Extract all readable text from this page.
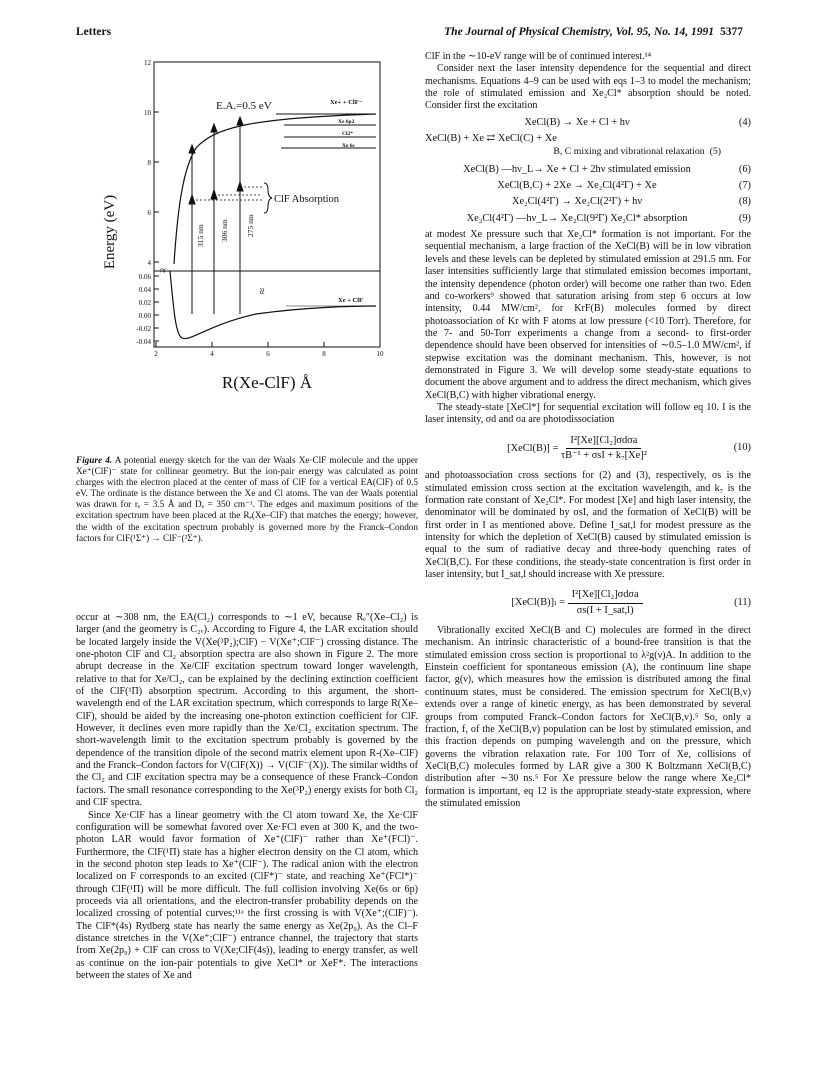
Letters	The Journal of Physical Chemistry, Vol. 95, No. 14, 1991 5377
12
10
8
6
4
0.06
0.04
0.02
0.00
-0.02
-0.04
2	4	6	8	10
≈
≈
E.A.=0.5 eV	Xe+ + ClF−
Xe 6p2
Cl2*
Xe 6s
315 nm 306 nm 275 nm
ClF Absorption
Xe + ClF
Energy (eV)
R(Xe-ClF) Å
Figure 4. A potential energy sketch for the van der Waals Xe·ClF molecule and the upper Xe⁺(ClF)⁻ state for collinear geometry. But the ion-pair energy was calculated as point charges with the electron placed at the center of mass of ClF for a vertical EA(ClF) of 0.5 eV. The ordinate is the distance between the Xe and Cl atoms. The van der Waals potential was drawn for rₑ = 3.5 Å and Dₑ = 350 cm⁻¹. The edges and maximum positions of the excitation spectrum have been placed at the Rₑ(Xe–ClF) that matches the energy; however, the width of the excitation spectrum probably is governed more by the Franck–Condon factors for ClF(¹Σ⁺) → ClF⁻(²Σ⁺).

occur at ∼308 nm, the EA(Cl₂) corresponds to ∼1 eV, because Rₑ″(Xe–Cl₂) is larger (and the geometry is C₂ᵥ). According to Figure 4, the LAR excitation should be located largely inside the V(Xe(³P₂);ClF) − V(Xe⁺;ClF⁻) crossing distance. The one-photon ClF and Cl₂ absorption spectra are also shown in Figure 2. The more abrupt decrease in the Xe/ClF excitation spectrum toward longer wavelength, relative to that for Xe/Cl₂, can be explained by the declining extinction coefficient of the ClF(¹Π) absorption spectrum. According to this argument, the short-wavelength end of the LAR excitation spectrum, which corresponds to large R(Xe–ClF), should be aided by the increasing one-photon extinction coefficient for ClF. However, it declines even more rapidly than the Xe/Cl₂ excitation spectrum. The short-wavelength limit to the excitation spectrum probably is governed by the dependence of the transition dipole of the second matrix element upon R-(Xe–ClF) and the Franck–Condon factors for V(ClF(X)) → V(ClF⁻(X)). The similar widths of the Cl₂ and ClF excitation spectra may be a consequence of these Franck–Condon factors. The small resonance corresponding to the Xe(³P₂) energy exists for both Cl₂ and ClF spectra.

Since Xe·ClF has a linear geometry with the Cl atom toward Xe, the Xe·ClF configuration will be somewhat favored over Xe·FCl even at 300 K, and the two-photon LAR would favor formation of Xe⁺(ClF)⁻ rather than Xe⁺(FCl)⁻. Furthermore, the ClF(¹Π) state has a higher electron density on the Cl atom, which in the second photon step leads to Xe⁺(ClF⁻). The radical anion with the electron localized on F corresponds to an excited (ClF*)⁻ state, and reaching Xe⁺(FCl*)⁻ through ClF(¹Π) will be more difficult. The full collision involving Xe(6s or 6p) proceeds via all orientations, and the electron-transfer probability depends on the localized crossing of potential curves;¹¹ᵃ the first crossing is with V(Xe⁺;(ClF)⁻). The ClF*(4s) Rydberg state has nearly the same energy as Xe(2p₉). As the Cl–F distance stretches in the V(Xe⁺;ClF⁻) entrance channel, the trajectory that starts from Xe(2p₉) + ClF can cross to V(Xe;ClF(4s)), leading to energy transfer, as well as continue on the ion-pair potentials to give XeCl* or XeF*. The interactions between the states of Xe and

ClF in the ∼10-eV range will be of continued interest.¹⁴

Consider next the laser intensity dependence for the sequential and direct mechanisms. Equations 4–9 can be used with eqs 1–3 to model the mechanism; the role of stimulated emission and Xe₂Cl* absorption should be noted. Consider first the excitation

XeCl(B) → Xe + Cl + hν	(4)
XeCl(B) + Xe ⇄ XeCl(C) + Xe
B, C mixing and vibrational relaxation (5)
XeCl(B) —hν_L→ Xe + Cl + 2hν stimulated emission	(6)
XeCl(B,C) + 2Xe → Xe₂Cl(4²Γ) + Xe	(7)
Xe₂Cl(4²Γ) → Xe₂Cl(2²Γ) + hν	(8)
Xe₂Cl(4²Γ) —hν_L→ Xe₂Cl(9²Γ) Xe₂Cl* absorption	(9)

at modest Xe pressure such that Xe₂Cl* formation is not important. For the sequential mechanism, a large fraction of the XeCl(B) will be in low vibration levels and these levels can be depleted by stimulated emission at 291.5 nm. For laser intensities sufficiently large that stimulated emission becomes important, the intensity dependence (photon order) will become one rather than two. Eden and co-workers⁹ showed that saturation arising from step 6 occurs at low intensity, 0.44 MW/cm², for KrF(B) molecules formed by direct photoassociation of Kr with F atoms at low pressure (<10 Torr). Therefore, for the 7- and 50-Torr experiments a change from a second- to first-order dependence should have been observed for intensities of ∼0.5–1.0 MW/cm², if stepwise excitation was the dominant mechanism. This, however, is not demonstrated in Figure 3. We will develop some steady-state equations to document the above argument and to address the direct mechanism, which gives XeCl(B,C) with higher vibrational energy.

The steady-state [XeCl*] for sequential excitation will follow eq 10. I is the laser intensity, σd and σa are photodissociation

[XeCl(B)] = $\frac{\text{I²[Xe][Cl₂]σdσa}}{\text{τB⁻¹ + σsI + k₇[Xe]²}}$	(10)

and photoassociation cross sections for (2) and (3), respectively, σs is the stimulated emission cross section at the excitation wavelength, and k₇ is the formation rate constant of Xe₂Cl*. For modest [Xe] and high laser intensity, the denominator will be dominated by σsI, and the formation of XeCl(B) will be first order in I as mentioned above. Define I_sat,l for modest pressure as the intensity for which the depletion of XeCl(B) caused by stimulated emission is equal to the sum of radiative decay and three-body quenching rates of XeCl(B,C). For these conditions, the steady-state concentration is first order in laser intensity, but I_sat,l should increase with Xe pressure.

[XeCl(B)]ₗ = $\frac{\text{I²[Xe][Cl₂]σdσa}}{\text{σs(I + I\_sat,l)}}$	(11)

Vibrationally excited XeCl(B and C) molecules are formed in the direct mechanism. An intrinsic characteristic of a bound-free transition is that the stimulated emission cross section is proportional to λ²g(ν)A. In addition to the Einstein coefficient for spontaneous emission (A), the continuum line shape factor, g(ν), which measures how the emission is distributed among the final continuum states, must be considered. The emission spectrum for XeCl(B,v) extends over a range of kinetic energy, as has been demonstrated by several groups from computed Franck–Condon factors for XeCl(B,v).⁵ So, only a fraction, f, of the XeCl(B,v) population can be lost by stimulated emission, and this fraction depends on pumping wavelength and on the pressure, which governs the vibration relaxation rate. For 100 Torr of Xe, collisions of XeCl(B,C) molecules formed by LAR give a 300 K Boltzmann XeCl(B,C) distribution after ∼30 ns.⁵ For Xe pressure below the range where Xe₂Cl* formation is important, eq 12 is the appropriate steady-state expression, where the stimulated emission
